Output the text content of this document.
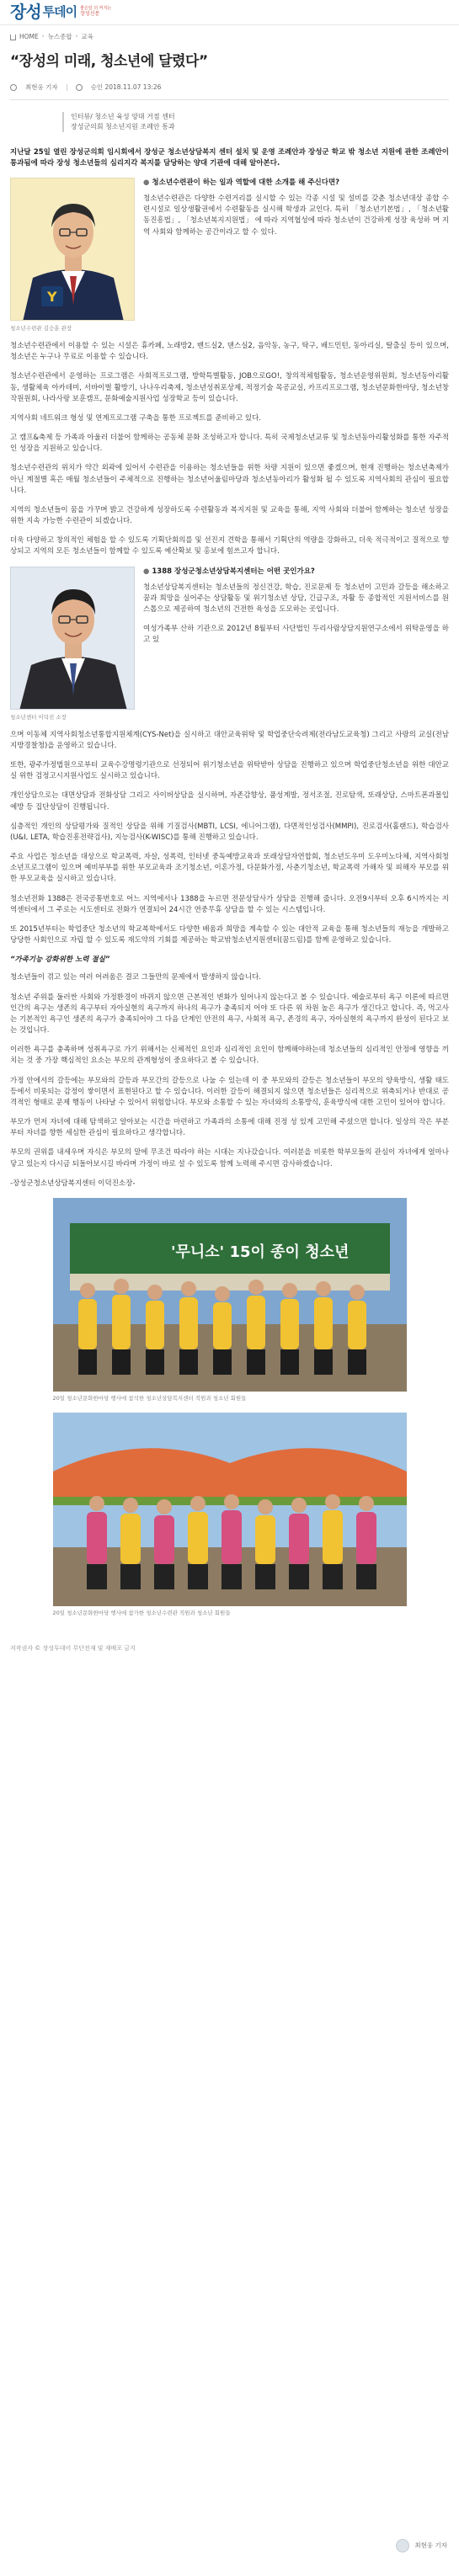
장성 투데이 좋은일 더 커지는
장성신문
HOME › 뉴스종합 › 교육
“장성의 미래, 청소년에 달렸다”
최현웅 기자	승인 2018.11.07 13:26
인터뷰/ 청소년 육성 양대 거점 센터
장성군의회 청소년지원 조례안 통과

지난달 25일 열린 장성군의회 임시회에서 장성군 청소년상담복지 센터 설치 및 운영 조례안과 장성군 학교 밖 청소년 지원에 관한 조례안이 통과됨에 따라 장성 청소년들의 심리지각 복지를 담당하는 양대 기관에 대해 알아본다.

Y
청소년수련관 김승훈 관장
● 청소년수련관이 하는 일과 역할에 대한 소개를 해 주신다면?

청소년수련관은 다양한 수련거리를 실시할 수 있는 각종 시설 및 설비를 갖춘 청소년대상 종합 수련시설로 일상생활권에서 수련활동을 실시해 학생과 교인다. 특히 「청소년기본법」, 「청소년활동진흥법」, 「청소년복지지원법」 에 따라 지역협성에 따라 청소년이 건강하게 성장 육성하 며 지역 사회와 함께하는 공간이라고 할 수 있다.

청소년수련관에서 이용할 수 있는 시설은 휴카페, 노래방2, 밴드실2, 댄스실2, 음악동, 농구, 탁구, 배드민턴, 동아리실, 탈출실 등이 있으며, 청소년은 누구나 무료로 이용할 수 있습니다.

청소년수련관에서 운영하는 프로그램은 사회적프로그램, 방학특별활동, JOB으로GO!, 창의적체험활동, 청소년운영위원회, 청소년동아리활동, 생활체육 아카데미, 서바이벌 활방기, 나나우리축제, 청소년성취포상제, 적정기술 목공교실, 카프리프로그램, 청소년문화한마당, 청소년창작원원회, 나라사랑 보훈캠프, 문화예술지원사업 성장학교 등이 있습니다.

지역사회 네트워크 형성 및 연계프로그램 구축을 통한 프로젝트를 준비하고 있다.

고 캠프&축제 등 가족과 아울러 더불어 함께하는 공동체 문화 조성하고자 합니다. 특히 국제청소년교류 및 청소년동아리활성화를 통한 자주적인 성장을 지원하고 있습니다.

청소년수련관의 위치가 약간 외곽에 있어서 수련관을 이용하는 청소년들을 위한 차량 지원이 있으면 좋겠으며, 현재 진행하는 청소년축제가 아닌 계절별 혹은 매월 청소년들이 주체적으로 진행하는 청소년어울림마당과 청소년동아리가 활성화 될 수 있도록 지역사회의 관심이 필요합니다.

지역의 청소년들이 꿈을 가꾸며 밝고 건강하게 성장하도록 수련활동과 복지지원 및 교육을 통해, 지역 사회와 더불어 함께하는 청소년 성장을 위한 지속 가능한 수련관이 되겠습니다.

더욱 다양하고 창의적인 체험을 할 수 있도록 기획단회의를 및 선진지 견학을 통해서 기획단의 역량을 강화하고, 더욱 적극적이고 질적으로 향상되고 지역의 모든 청소년들이 함께할 수 있도록 예산확보 및 홍보에 힘쓰고자 합니다.

청소년센터 이덕진 소장
● 1388 장성군청소년상담복지센터는 어떤 곳인가요?

청소년상담복지센터는 청소년들의 정신건강, 학습, 진로문제 등 청소년이 고민과 갈등을 해소하고 꿈과 희망을 실어주는 상담활동 및 위기청소년 상담, 긴급구조, 자활 등 종합적인 지원서비스를 원스톱으로 제공하여 청소년의 건전한 육성을 도모하는 곳입니다.

여성가족부 산하 기관으로 2012년 8월부터 사단법인 두리사람상담지원연구소에서 위탁운영을 하고 있

으며 이동체 지역사회청소년통합지원체계(CYS-Net)을 실시하고 대안교육위탁 및 학업중단숙려제(전라남도교육청) 그리고 사랑의 교실(전남지방경찰청)을 운영하고 있습니다.

또한, 광주가정법원으로부터 교육수강명령기관으로 선정되어 위기청소년을 위탁받아 상담을 진행하고 있으며 학업중단청소년을 위한 대안교실 위한 검정고시지원사업도 실시하고 있습니다.

개인상담으로는 대면상담과 전화상담 그리고 사이버상담을 실시하며, 자존감향상, 품성계발, 정서조절, 진로탐색, 또래상담, 스마트폰과몰입예방 등 집단상담이 진행됩니다.

심층적인 개인의 상담평가와 질적인 상담을 위해 기질검사(MBTI, LCSI, 에니어그램), 다면적인성검사(MMPI), 진로검사(홀랜드), 학습검사(U&I, LETA, 학습진흥전략검사), 지능검사(K-WISC)를 통해 진행하고 있습니다.

주요 사업은 청소년을 대상으로 학교폭력, 자살, 성폭력, 인터넷 중독예방교육과 또래상담자연합회, 청소년도우미 도우미노다체, 지역사회청소년프로그램이 있으며 예비부부를 위한 부모교육과 조기청소년, 이혼가정, 다문화가정, 사춘기청소년, 학교폭력 가해자 및 피해자 부모를 위한 부모교육을 실시하고 있습니다.

청소년전화 1388은 전국공통번호로 어느 지역에서나 1388을 누르면 전문상담사가 상담을 진행해 줍니다. 오전9시부터 오후 6시까지는 지역센터에서 그 주로는 시도센터로 전화가 연결되어 24시간 연중무휴 상담을 할 수 있는 시스템입니다.

또 2015년부터는 학업중단 청소년의 학교복학에서도 다양한 배움과 희망을 계속할 수 있는 대안적 교육을 통해 청소년들의 재능을 개발하고 당당한 사회인으로 자립 할 수 있도록 재도약의 기회를 제공하는 학교밖청소년지원센터(꿈드림)를 함께 운영하고 있습니다.

“가족기능 강화위한 노력 절실”

청소년들이 겪고 있는 여러 어려움은 결코 그들만의 문제에서 발생하지 않습니다.

청소년 주위를 둘러싼 사회와 가정환경이 바뀌지 않으면 근본적인 변화가 일어나지 않는다고 볼 수 있습니다. 예술로부터 욕구 이론에 따르면 인간의 욕구는 생존의 욕구부터 자아실현의 욕구까지 하나의 욕구가 충족되지 어야 또 다른 위 차원 높은 욕구가 생긴다고 합니다. 즉, 먹고사는 기본적인 욕구인 생존의 욕구가 충족되어야 그 다음 단계인 안전의 욕구, 사회적 욕구, 존경의 욕구, 자아실현의 욕구까지 완성이 된다고 보는 것입니다.

이러한 욕구를 충족하며 성취욕구로 가기 위해서는 신체적인 요인과 심리적인 요인이 함께해야하는데 청소년들의 심리적인 안정에 영향을 끼치는 것 중 가장 핵심적인 요소는 부모의 관계형성이 중요하다고 볼 수 있습니다.

가정 안에서의 갈등에는 부모와의 갈등과 부모간의 갈등으로 나눌 수 있는데 이 중 부모와의 갈등은 청소년들이 부모의 양육방식, 생활 태도 등에서 비롯되는 감정이 쌓이면서 표현된다고 할 수 있습니다. 이러한 갈등이 해결되지 않으면 청소년들은 심리적으로 위축되거나 반대로 공격적인 형태로 문제 행동이 나타날 수 있어서 위험합니다. 부모와 소통할 수 있는 자녀와의 소통방식, 훈육방식에 대한 고민이 있어야 합니다.

부모가 먼저 자녀에 대해 탐색하고 알아보는 시간을 마련하고 가족과의 소통에 대해 진정 성 있게 고민해 주셨으면 합니다. 일상의 작은 부분부터 자녀를 향한 세심한 관심이 필요하다고 생각합니다.

부모의 권위를 내세우며 자식은 부모의 말에 무조건 따라야 하는 시대는 지나갔습니다. 여러분을 비롯한 학부모들의 관심이 자녀에게 얼마나 닿고 있는지 다시금 되돌아보시길 바라며 가정이 바로 설 수 있도록 함께 노력해 주시면 감사하겠습니다.

-장성군청소년상담복지센터 이덕진소장-

'무니소' 15이 종이 청소년
20일 청소년문화한마당 행사에 참석한 청소년상담복지센터 직원과 청소년 회원들
20일 청소년문화한마당 행사에 참가한 청소년수련관 직원과 청소년 회원들
저작권자 © 장성투데이 무단전재 및 재배포 금지
최현웅 기자
